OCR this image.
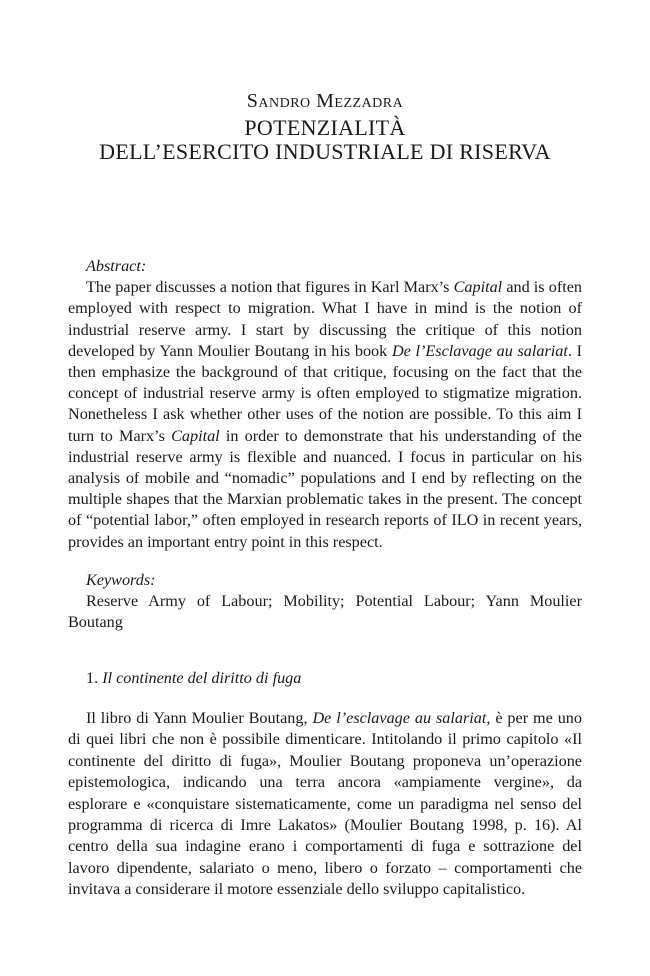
Sandro Mezzadra
POTENZIALITÀ
DELL’ESERCITO INDUSTRIALE DI RISERVA
Abstract:

The paper discusses a notion that figures in Karl Marx’s Capital and is often employed with respect to migration. What I have in mind is the notion of industrial reserve army. I start by discussing the critique of this notion developed by Yann Moulier Boutang in his book De l’Esclavage au salariat. I then emphasize the background of that critique, focusing on the fact that the concept of industrial reserve army is often employed to stigmatize migration. Nonetheless I ask whether other uses of the notion are possible. To this aim I turn to Marx’s Capital in order to demonstrate that his understanding of the industrial reserve army is flexible and nuanced. I focus in particular on his analysis of mobile and “nomadic” populations and I end by reflecting on the multiple shapes that the Marxian problematic takes in the present. The concept of “potential labor,” often employed in research reports of ILO in recent years, provides an important entry point in this respect.

Keywords:

Reserve Army of Labour; Mobility; Potential Labour; Yann Moulier Boutang

1. Il continente del diritto di fuga

Il libro di Yann Moulier Boutang, De l’esclavage au salariat, è per me uno di quei libri che non è possibile dimenticare. Intitolando il primo capitolo «Il continente del diritto di fuga», Moulier Boutang proponeva un’operazione epistemologica, indicando una terra ancora «ampiamente vergine», da esplorare e «conquistare sistematicamente, come un paradigma nel senso del programma di ricerca di Imre Lakatos» (Moulier Boutang 1998, p. 16). Al centro della sua indagine erano i comportamenti di fuga e sottrazione del lavoro dipendente, salariato o meno, libero o forzato – comportamenti che invitava a considerare il motore essenziale dello sviluppo capitalistico.
